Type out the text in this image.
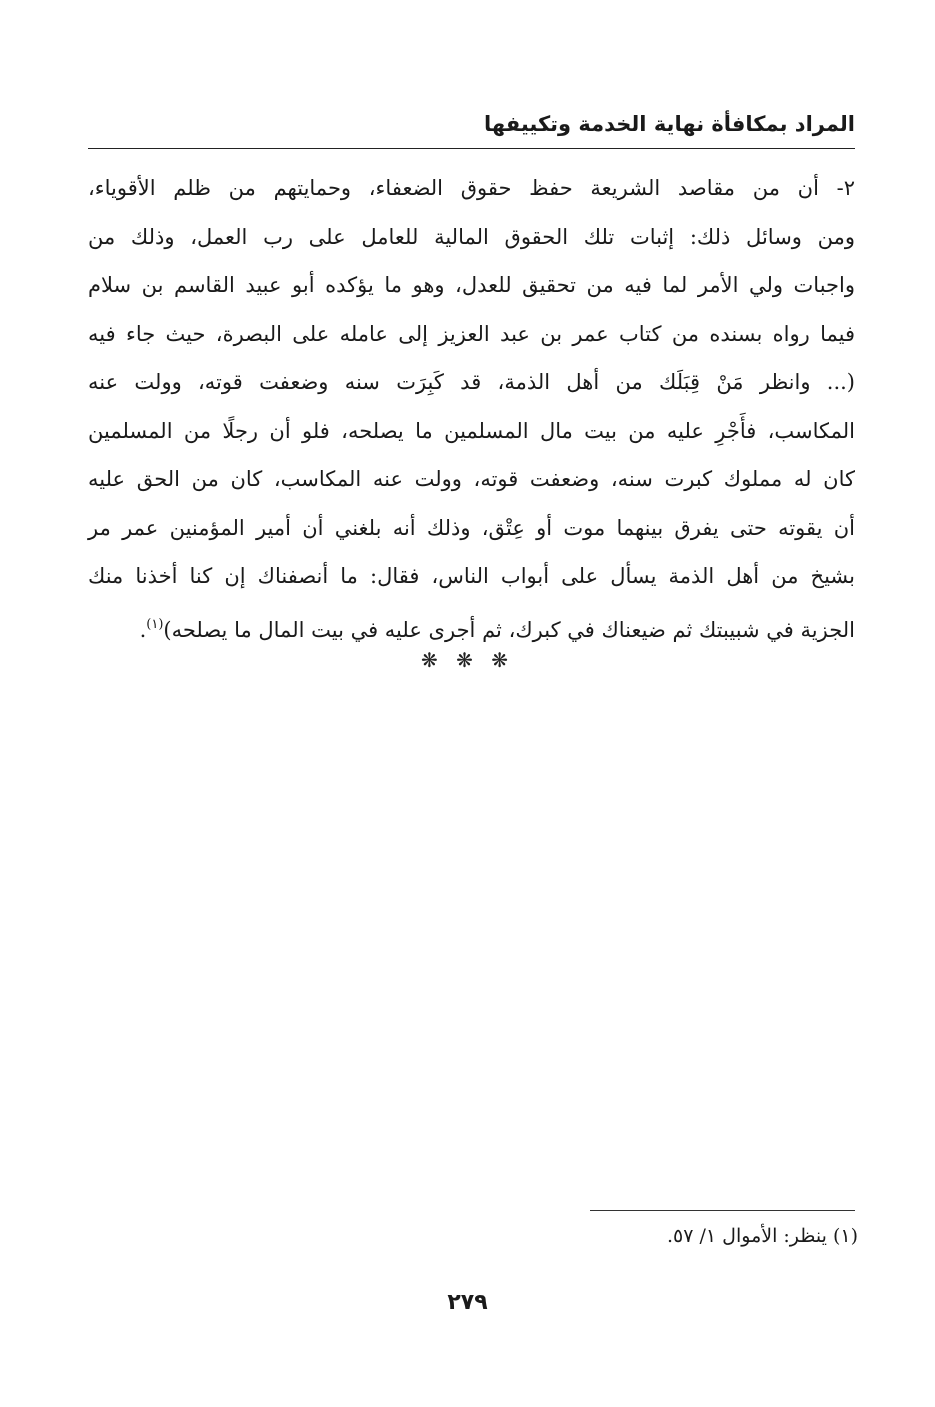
المراد بمكافأة نهاية الخدمة وتكييفها
٢- أن من مقاصد الشريعة حفظ حقوق الضعفاء، وحمايتهم من ظلم الأقوياء،
ومن وسائل ذلك: إثبات تلك الحقوق المالية للعامل على رب العمل، وذلك من
واجبات ولي الأمر لما فيه من تحقيق للعدل، وهو ما يؤكده أبو عبيد القاسم بن سلام
فيما رواه بسنده من كتاب عمر بن عبد العزيز إلى عامله على البصرة، حيث جاء فيه
(... وانظر مَنْ قِبَلَك من أهل الذمة، قد كَبِرَت سنه وضعفت قوته، وولت عنه
المكاسب، فأَجْرِ عليه من بيت مال المسلمين ما يصلحه، فلو أن رجلًا من المسلمين
كان له مملوك كبرت سنه، وضعفت قوته، وولت عنه المكاسب، كان من الحق عليه
أن يقوته حتى يفرق بينهما موت أو عِتْق، وذلك أنه بلغني أن أمير المؤمنين عمر مر
بشيخ من أهل الذمة يسأل على أبواب الناس، فقال: ما أنصفناك إن كنا أخذنا منك
الجزية في شبيبتك ثم ضيعناك في كبرك، ثم أجرى عليه في بيت المال ما يصلحه)$^{(١)}$.
❋ ❋ ❋
(١) ينظر: الأموال ١/ ٥٧.
٢٧٩
